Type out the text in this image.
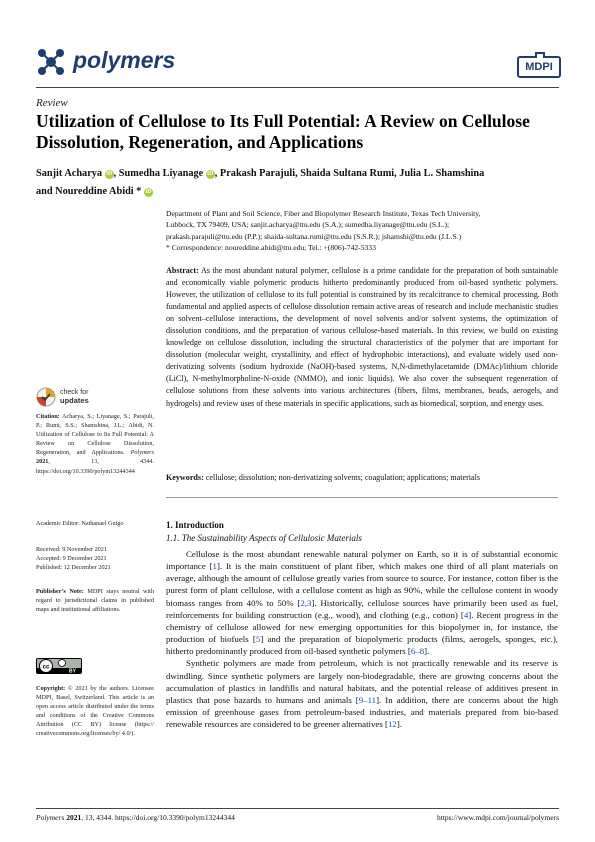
polymers	MDPI
Review
Utilization of Cellulose to Its Full Potential: A Review on Cellulose Dissolution, Regeneration, and Applications
Sanjit Acharya iD , Sumedha Liyanage iD , Prakash Parajuli, Shaida Sultana Rumi, Julia L. Shamshina
and Noureddine Abidi * iD
Department of Plant and Soil Science, Fiber and Biopolymer Research Institute, Texas Tech University,
Lubbock, TX 79409, USA; sanjit.acharya@ttu.edu (S.A.); sumedha.liyanage@ttu.edu (S.L.);
prakash.parajuli@ttu.edu (P.P.); shaida-sultana.rumi@ttu.edu (S.S.R.); jshamshi@ttu.edu (J.L.S.)
* Correspondence: noureddine.abidi@ttu.edu; Tel.: +(806)-742-5333
Abstract: As the most abundant natural polymer, cellulose is a prime candidate for the preparation of both sustainable and economically viable polymeric products hitherto predominantly produced from oil-based synthetic polymers. However, the utilization of cellulose to its full potential is constrained by its recalcitrance to chemical processing. Both fundamental and applied aspects of cellulose dissolution remain active areas of research and include mechanistic studies on solvent–cellulose interactions, the development of novel solvents and/or solvent systems, the optimization of dissolution conditions, and the preparation of various cellulose-based materials. In this review, we build on existing knowledge on cellulose dissolution, including the structural characteristics of the polymer that are important for dissolution (molecular weight, crystallinity, and effect of hydrophobic interactions), and evaluate widely used non-derivatizing solvents (sodium hydroxide (NaOH)-based systems, N,N-dimethylacetamide (DMAc)/lithium chloride (LiCl), N-methylmorpholine-N-oxide (NMMO), and ionic liquids). We also cover the subsequent regeneration of cellulose solutions from these solvents into various architectures (fibers, films, membranes, beads, aerogels, and hydrogels) and review uses of these materials in specific applications, such as biomedical, sorption, and energy uses.
Keywords: cellulose; dissolution; non-derivatizing solvents; coagulation; applications; materials
check for
updates
Citation: Acharya, S.; Liyanage, S.; Parajuli, P.; Rumi, S.S.; Shamshina, J.L.; Abidi, N. Utilization of Cellulose to Its Full Potential: A Review on Cellulose Dissolution, Regeneration, and Applications. Polymers 2021, 13, 4344. https://doi.org/10.3390/polym13244344
Academic Editor: Nathanael Guigo
Received: 9 November 2021
Accepted: 9 December 2021
Published: 12 December 2021
Publisher’s Note: MDPI stays neutral with regard to jurisdictional claims in published maps and institutional affiliations.
cc
BY
Copyright: © 2021 by the authors. Licensee MDPI, Basel, Switzerland. This article is an open access article distributed under the terms and conditions of the Creative Commons Attribution (CC BY) license (https:// creativecommons.org/licenses/by/ 4.0/).
1. Introduction
1.1. The Sustainability Aspects of Cellulosic Materials

Cellulose is the most abundant renewable natural polymer on Earth, so it is of substantial economic importance [1]. It is the main constituent of plant fiber, which makes one third of all plant materials on average, although the amount of cellulose greatly varies from source to source. For instance, cotton fiber is the purest form of plant cellulose, with a cellulose content as high as 90%, while the cellulose content in woody biomass ranges from 40% to 50% [2,3]. Historically, cellulose sources have primarily been used as fuel, reinforcements for building construction (e.g., wood), and clothing (e.g., cotton) [4]. Recent progress in the chemistry of cellulose allowed for new emerging opportunities for this biopolymer in, for instance, the production of biofuels [5] and the preparation of biopolymeric products (films, aerogels, sponges, etc.), hitherto predominantly produced from oil-based synthetic polymers [6–8].

Synthetic polymers are made from petroleum, which is not practically renewable and its reserve is dwindling. Since synthetic polymers are largely non-biodegradable, there are growing concerns about the accumulation of plastics in landfills and natural habitats, and the potential release of additives present in plastics that pose hazards to humans and animals [9–11]. In addition, there are concerns about the high emission of greenhouse gases from petroleum-based industries, and materials prepared from bio-based renewable resources are considered to be greener alternatives [12].

Polymers 2021, 13, 4344. https://doi.org/10.3390/polym13244344	https://www.mdpi.com/journal/polymers
